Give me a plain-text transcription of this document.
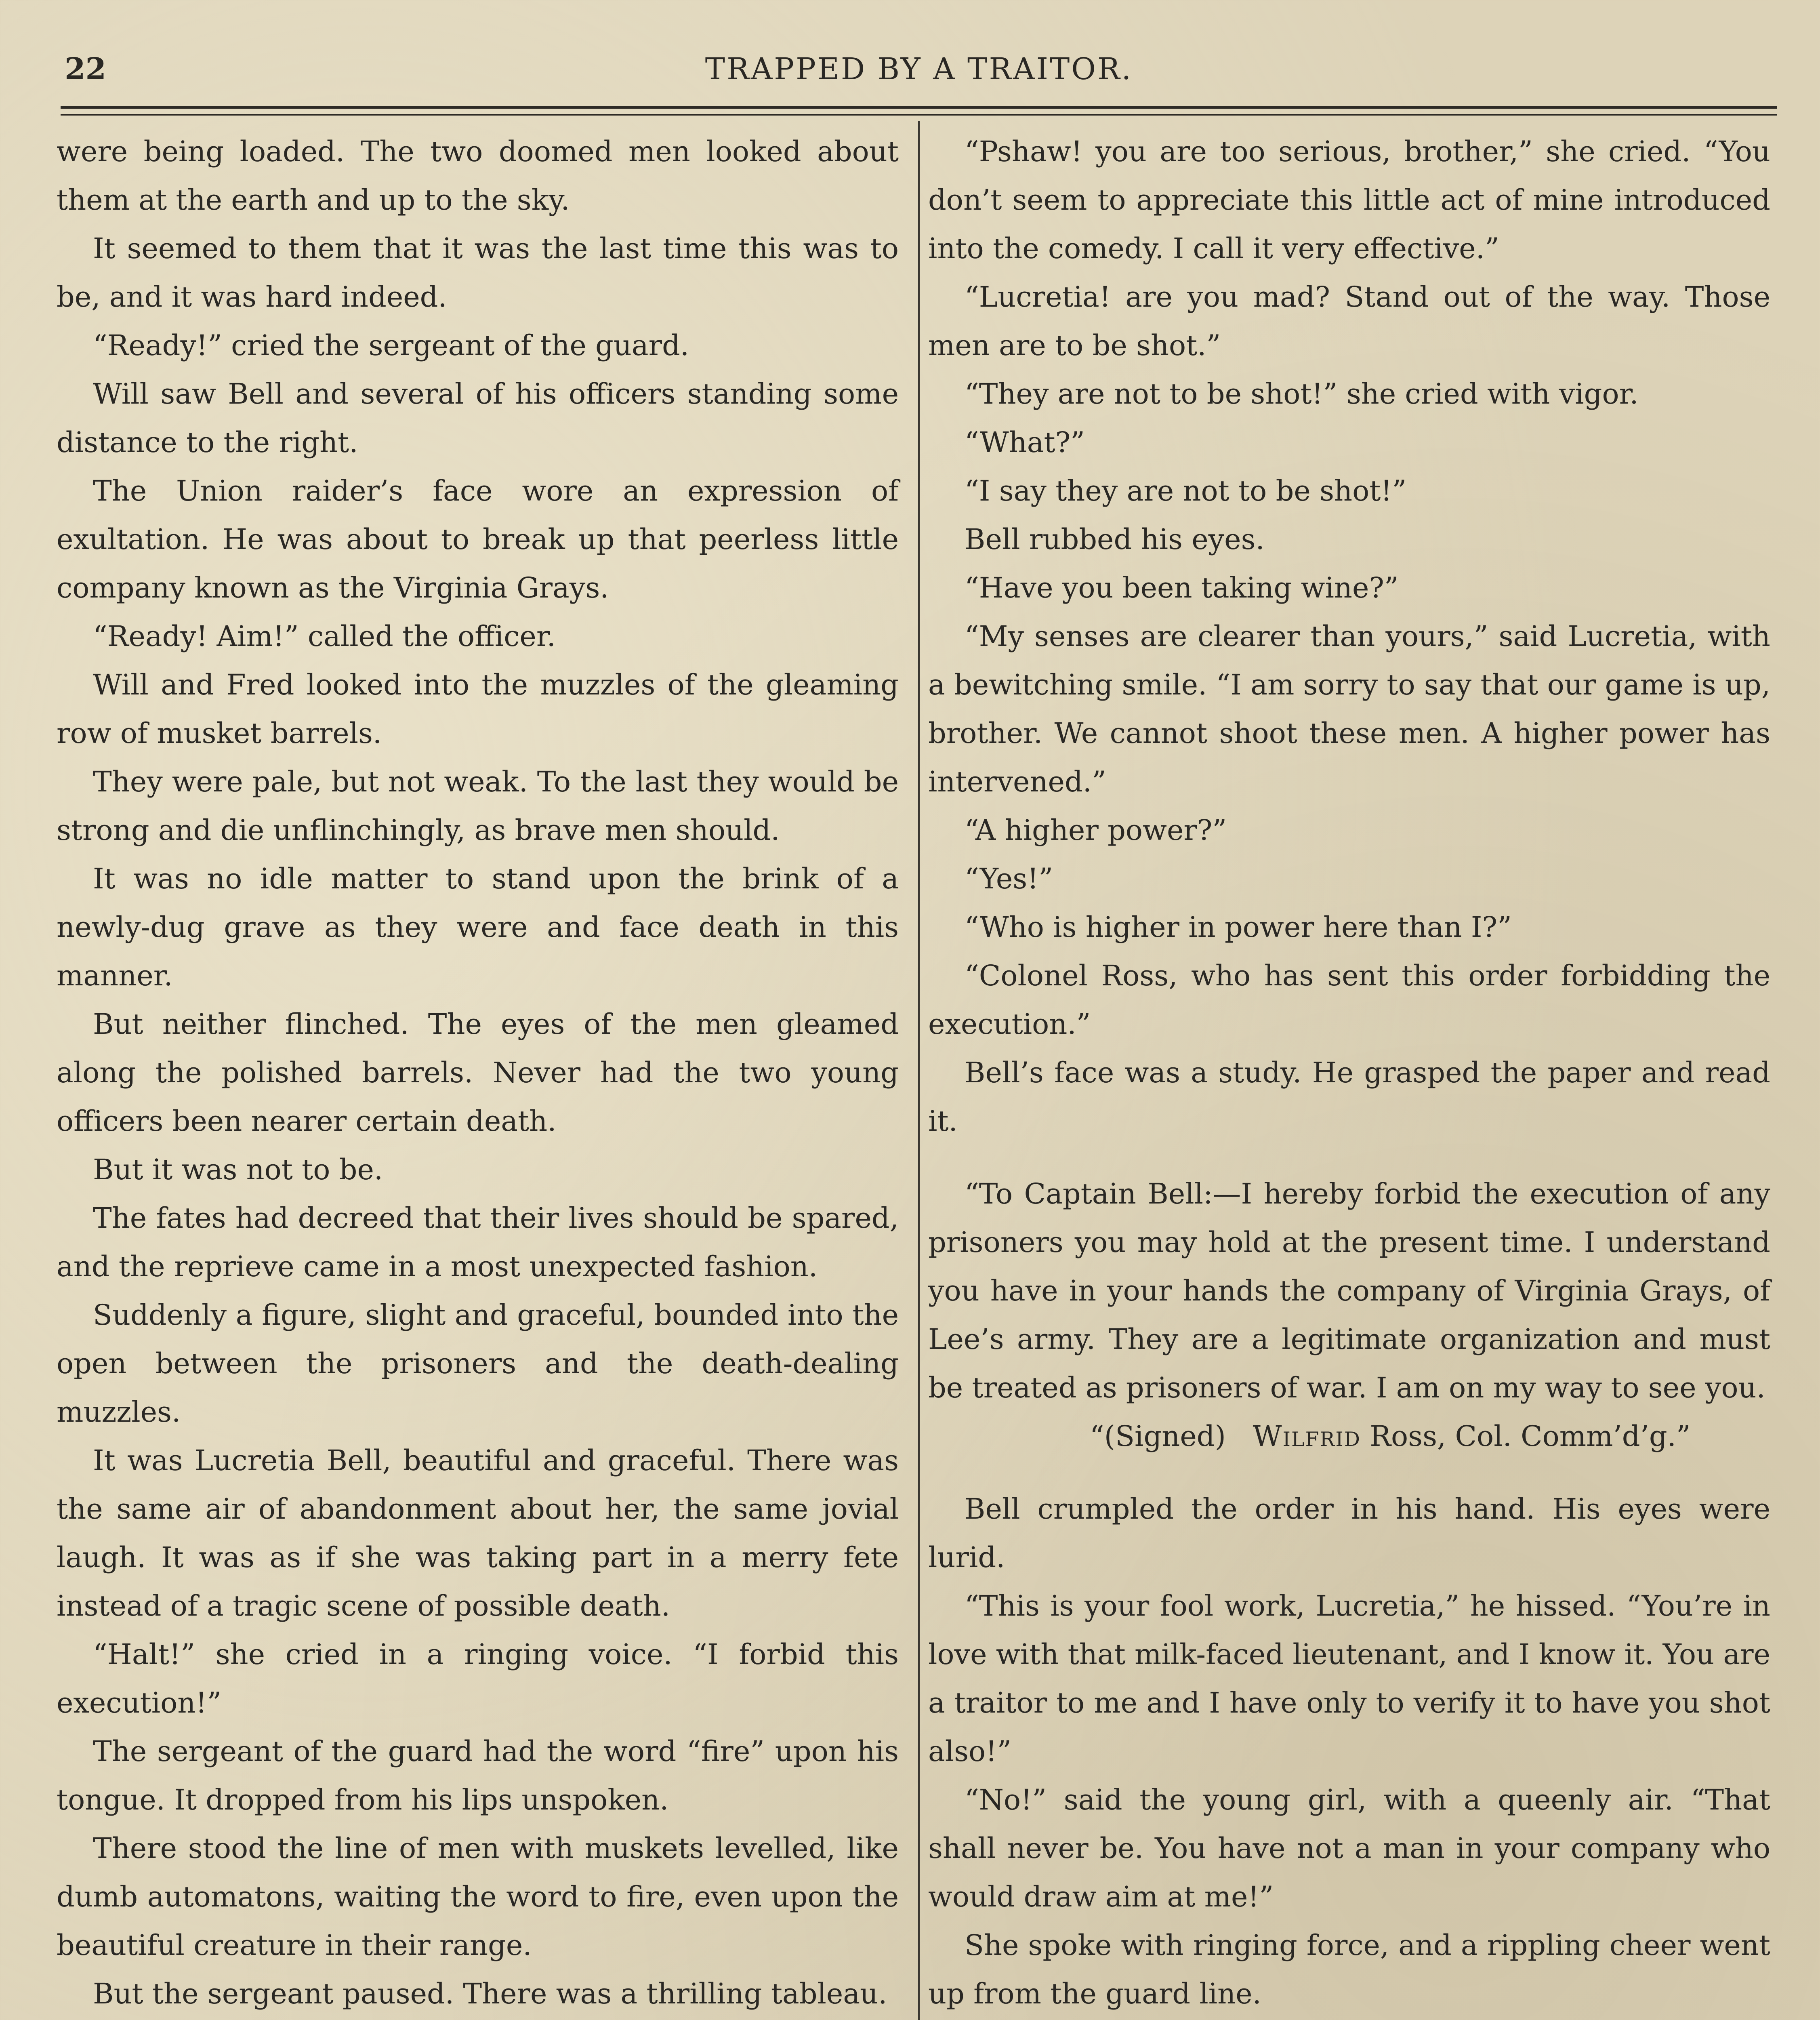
22	TRAPPED BY A TRAITOR.

were being loaded. The two doomed men looked about them at the earth and up to the sky.

It seemed to them that it was the last time this was to be, and it was hard indeed.

“Ready!” cried the sergeant of the guard.

Will saw Bell and several of his officers standing some distance to the right.

The Union raider’s face wore an expression of exultation. He was about to break up that peerless little company known as the Virginia Grays.

“Ready! Aim!” called the officer.

Will and Fred looked into the muzzles of the gleaming row of musket barrels.

They were pale, but not weak. To the last they would be strong and die unflinchingly, as brave men should.

It was no idle matter to stand upon the brink of a newly-dug grave as they were and face death in this manner.

But neither flinched. The eyes of the men gleamed along the polished barrels. Never had the two young officers been nearer certain death.

But it was not to be.

The fates had decreed that their lives should be spared, and the reprieve came in a most unexpected fashion.

Suddenly a figure, slight and graceful, bounded into the open between the prisoners and the death-dealing muzzles.

It was Lucretia Bell, beautiful and graceful. There was the same air of abandonment about her, the same jovial laugh. It was as if she was taking part in a merry fete instead of a tragic scene of possible death.

“Halt!” she cried in a ringing voice. “I forbid this execution!”

The sergeant of the guard had the word “fire” upon his tongue. It dropped from his lips unspoken.

There stood the line of men with muskets levelled, like dumb automatons, waiting the word to fire, even upon the beautiful creature in their range.

But the sergeant paused. There was a thrilling tableau.

“Pshaw! you are too serious, brother,” she cried. “You don’t seem to appreciate this little act of mine introduced into the comedy. I call it very effective.”

“Lucretia! are you mad? Stand out of the way. Those men are to be shot.”

“They are not to be shot!” she cried with vigor.

“What?”

“I say they are not to be shot!”

Bell rubbed his eyes.

“Have you been taking wine?”

“My senses are clearer than yours,” said Lucretia, with a bewitching smile. “I am sorry to say that our game is up, brother. We cannot shoot these men. A higher power has intervened.”

“A higher power?”

“Yes!”

“Who is higher in power here than I?”

“Colonel Ross, who has sent this order forbidding the execution.”

Bell’s face was a study. He grasped the paper and read it.

“To Captain Bell:—I hereby forbid the execution of any prisoners you may hold at the present time. I understand you have in your hands the company of Virginia Grays, of Lee’s army. They are a legitimate organization and must be treated as prisoners of war. I am on my way to see you.

“(Signed) Wilfrid Ross, Col. Comm’d’g.”

Bell crumpled the order in his hand. His eyes were lurid.

“This is your fool work, Lucretia,” he hissed. “You’re in love with that milk-faced lieutenant, and I know it. You are a traitor to me and I have only to verify it to have you shot also!”

“No!” said the young girl, with a queenly air. “That shall never be. You have not a man in your company who would draw aim at me!”

She spoke with ringing force, and a rippling cheer went up from the guard line.
